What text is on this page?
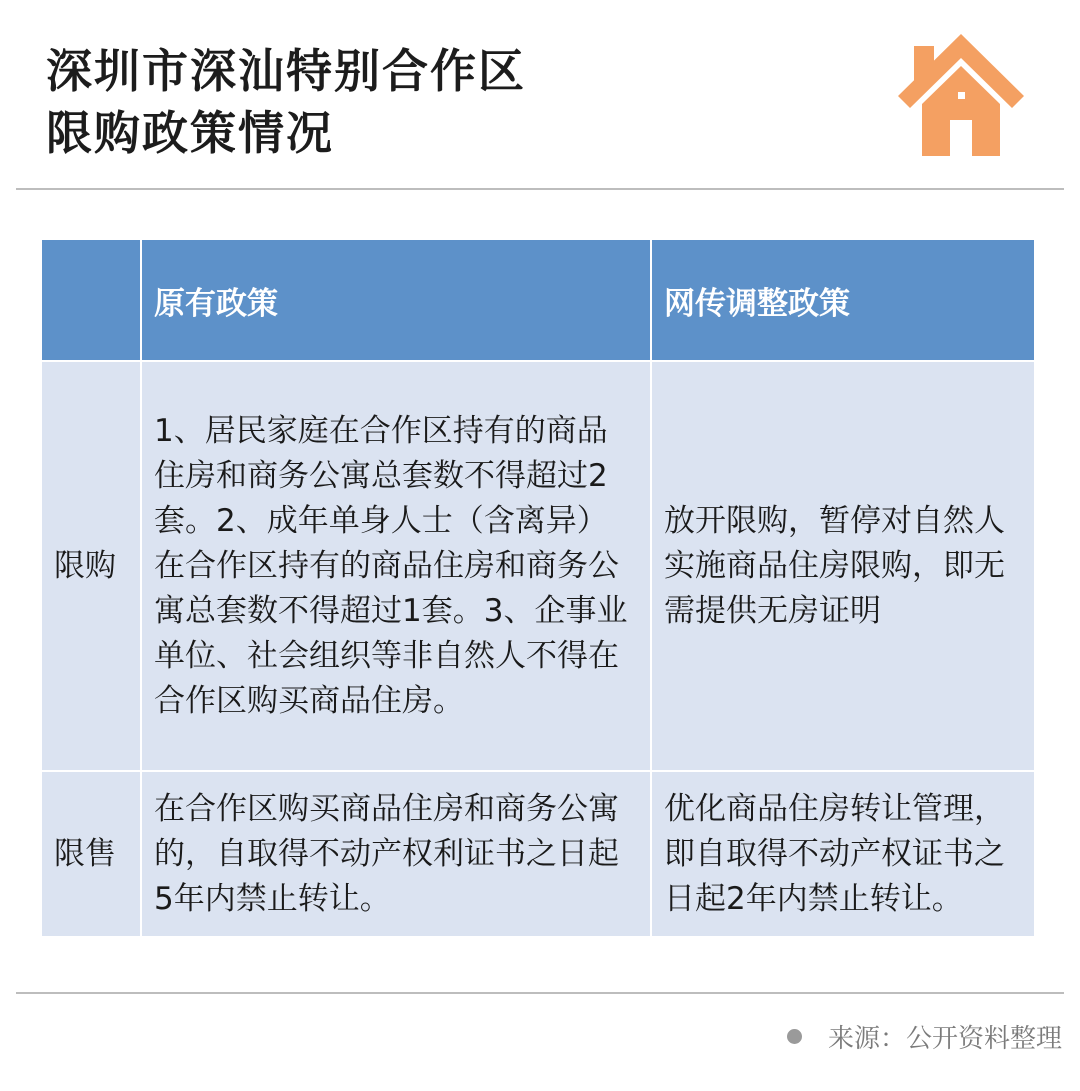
深圳市深汕特别合作区
限购政策情况
	原有政策	网传调整政策
限购	1、居民家庭在合作区持有的商品住房和商务公寓总套数不得超过2套。2、成年单身人士（含离异）在合作区持有的商品住房和商务公寓总套数不得超过1套。3、企事业单位、社会组织等非自然人不得在合作区购买商品住房。	放开限购，暂停对自然人实施商品住房限购，即无需提供无房证明
限售	在合作区购买商品住房和商务公寓的，自取得不动产权利证书之日起5年内禁止转让。	优化商品住房转让管理，即自取得不动产权证书之日起2年内禁止转让。
来源：公开资料整理
